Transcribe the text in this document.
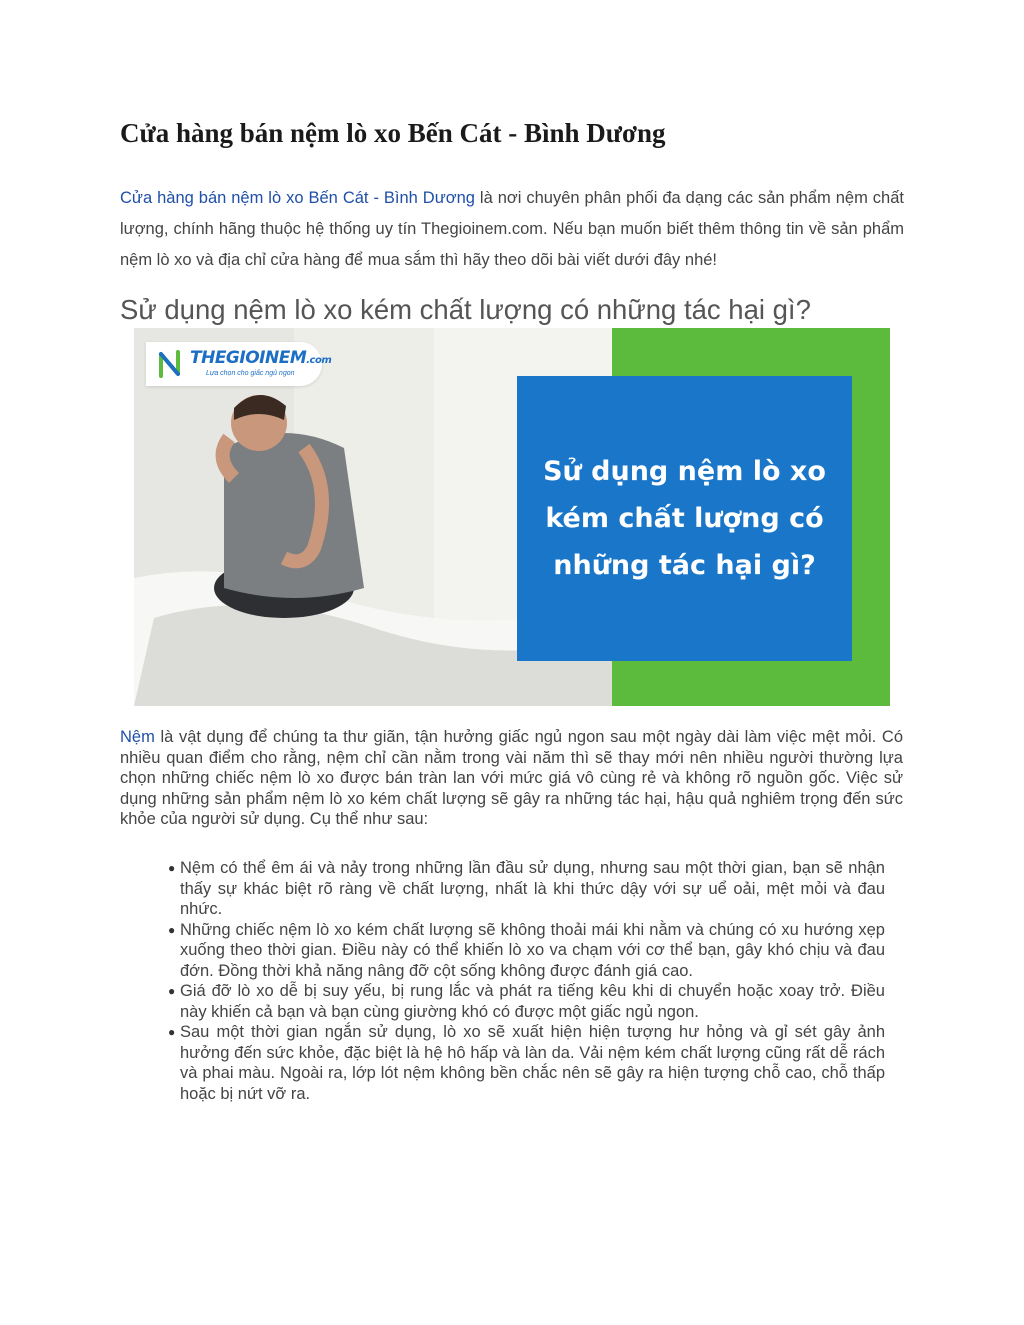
Cửa hàng bán nệm lò xo Bến Cát - Bình Dương

Cửa hàng bán nệm lò xo Bến Cát - Bình Dương là nơi chuyên phân phối đa dạng các sản phẩm nệm chất lượng, chính hãng thuộc hệ thống uy tín Thegioinem.com. Nếu bạn muốn biết thêm thông tin về sản phẩm nệm lò xo và địa chỉ cửa hàng để mua sắm thì hãy theo dõi bài viết dưới đây nhé!

Sử dụng nệm lò xo kém chất lượng có những tác hại gì?
Sử dụng nệm lò xo kém chất lượng có những tác hại gì?
THEGIOINEM.com
Lựa chọn cho giấc ngủ ngon

Nệm là vật dụng để chúng ta thư giãn, tận hưởng giấc ngủ ngon sau một ngày dài làm việc mệt mỏi. Có nhiều quan điểm cho rằng, nệm chỉ cần nằm trong vài năm thì sẽ thay mới nên nhiều người thường lựa chọn những chiếc nệm lò xo được bán tràn lan với mức giá vô cùng rẻ và không rõ nguồn gốc. Việc sử dụng những sản phẩm nệm lò xo kém chất lượng sẽ gây ra những tác hại, hậu quả nghiêm trọng đến sức khỏe của người sử dụng. Cụ thể như sau:

● Nệm có thể êm ái và nảy trong những lần đầu sử dụng, nhưng sau một thời gian, bạn sẽ nhận thấy sự khác biệt rõ ràng về chất lượng, nhất là khi thức dậy với sự uể oải, mệt mỏi và đau nhức.
● Những chiếc nệm lò xo kém chất lượng sẽ không thoải mái khi nằm và chúng có xu hướng xẹp xuống theo thời gian. Điều này có thể khiến lò xo va chạm với cơ thể bạn, gây khó chịu và đau đớn. Đồng thời khả năng nâng đỡ cột sống không được đánh giá cao.
● Giá đỡ lò xo dễ bị suy yếu, bị rung lắc và phát ra tiếng kêu khi di chuyển hoặc xoay trở. Điều này khiến cả bạn và bạn cùng giường khó có được một giấc ngủ ngon.
● Sau một thời gian ngắn sử dụng, lò xo sẽ xuất hiện hiện tượng hư hỏng và gỉ sét gây ảnh hưởng đến sức khỏe, đặc biệt là hệ hô hấp và làn da. Vải nệm kém chất lượng cũng rất dễ rách và phai màu. Ngoài ra, lớp lót nệm không bền chắc nên sẽ gây ra hiện tượng chỗ cao, chỗ thấp hoặc bị nứt vỡ ra.
